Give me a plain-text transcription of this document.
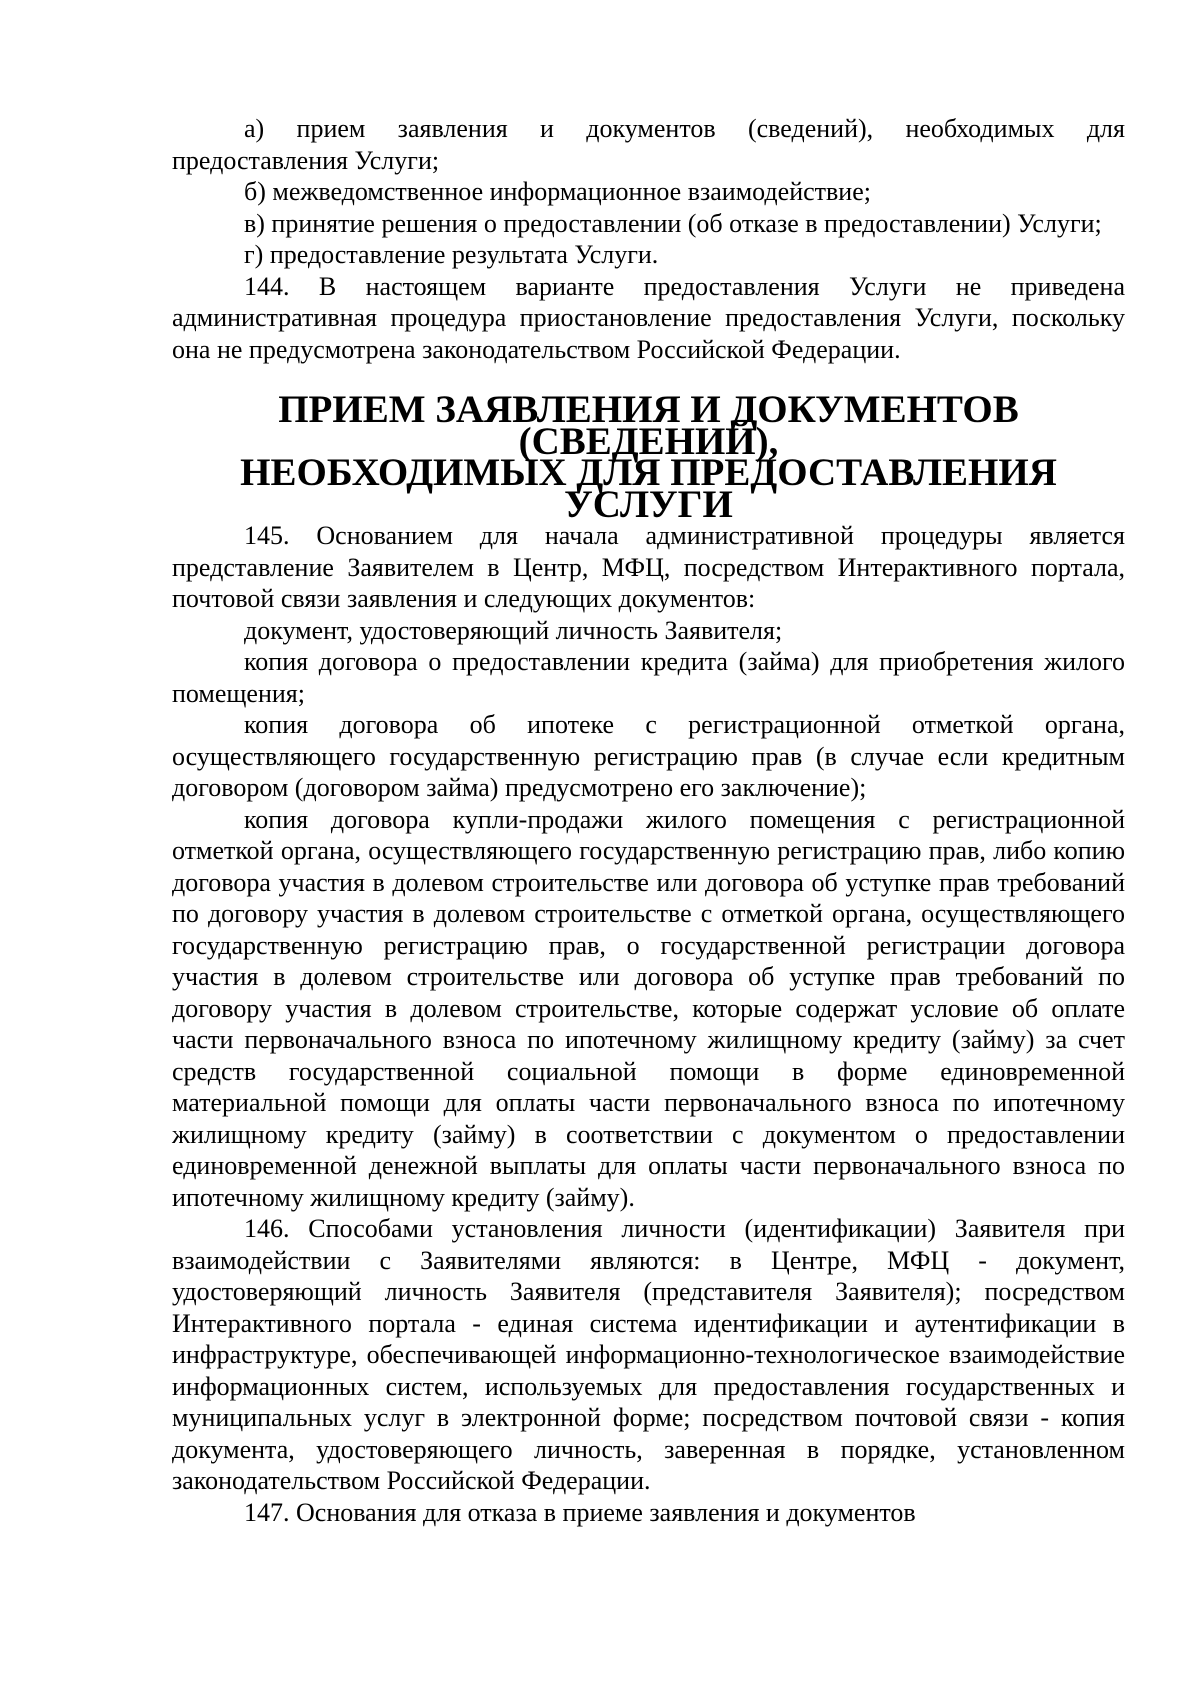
а) прием заявления и документов (сведений), необходимых для предоставления Услуги;

б) межведомственное информационное взаимодействие;

в) принятие решения о предоставлении (об отказе в предоставлении) Услуги;

г) предоставление результата Услуги.

144. В настоящем варианте предоставления Услуги не приведена административная процедура приостановление предоставления Услуги, поскольку она не предусмотрена законодательством Российской Федерации.

ПРИЕМ ЗАЯВЛЕНИЯ И ДОКУМЕНТОВ (СВЕДЕНИЙ),
НЕОБХОДИМЫХ ДЛЯ ПРЕДОСТАВЛЕНИЯ УСЛУГИ

145. Основанием для начала административной процедуры является представление Заявителем в Центр, МФЦ, посредством Интерактивного портала, почтовой связи заявления и следующих документов:

документ, удостоверяющий личность Заявителя;

копия договора о предоставлении кредита (займа) для приобретения жилого помещения;

копия договора об ипотеке с регистрационной отметкой органа, осуществляющего государственную регистрацию прав (в случае если кредитным договором (договором займа) предусмотрено его заключение);

копия договора купли-продажи жилого помещения с регистрационной отметкой органа, осуществляющего государственную регистрацию прав, либо копию договора участия в долевом строительстве или договора об уступке прав требований по договору участия в долевом строительстве с отметкой органа, осуществляющего государственную регистрацию прав, о государственной регистрации договора участия в долевом строительстве или договора об уступке прав требований по договору участия в долевом строительстве, которые содержат условие об оплате части первоначального взноса по ипотечному жилищному кредиту (займу) за счет средств государственной социальной помощи в форме единовременной материальной помощи для оплаты части первоначального взноса по ипотечному жилищному кредиту (займу) в соответствии с документом о предоставлении единовременной денежной выплаты для оплаты части первоначального взноса по ипотечному жилищному кредиту (займу).

146. Способами установления личности (идентификации) Заявителя при взаимодействии с Заявителями являются: в Центре, МФЦ - документ, удостоверяющий личность Заявителя (представителя Заявителя); посредством Интерактивного портала - единая система идентификации и аутентификации в инфраструктуре, обеспечивающей информационно-технологическое взаимодействие информационных систем, используемых для предоставления государственных и муниципальных услуг в электронной форме; посредством почтовой связи - копия документа, удостоверяющего личность, заверенная в порядке, установленном законодательством Российской Федерации.

147. Основания для отказа в приеме заявления и документов
